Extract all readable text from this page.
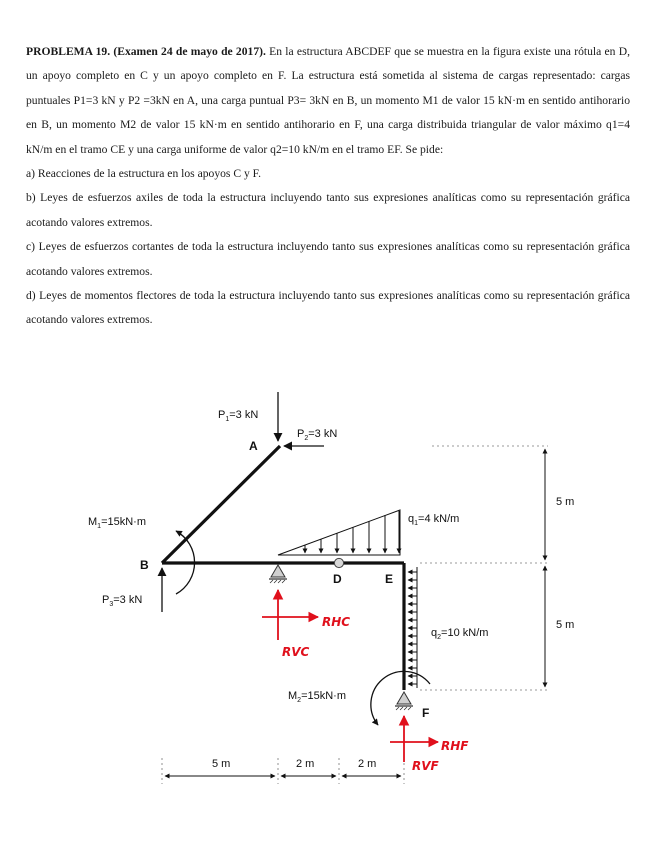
PROBLEMA 19. (Examen 24 de mayo de 2017). En la estructura ABCDEF que se muestra en la figura existe una rótula en D, un apoyo completo en C y un apoyo completo en F. La estructura está sometida al sistema de cargas representado: cargas puntuales P1=3 kN y P2 =3kN en A, una carga puntual P3= 3kN en B, un momento M1 de valor 15 kN·m en sentido antihorario en B, un momento M2 de valor 15 kN·m en sentido antihorario en F, una carga distribuida triangular de valor máximo q1=4 kN/m en el tramo CE y una carga uniforme de valor q2=10 kN/m en el tramo EF. Se pide:

a) Reacciones de la estructura en los apoyos C y F.

b) Leyes de esfuerzos axiles de toda la estructura incluyendo tanto sus expresiones analíticas como su representación gráfica acotando valores extremos.

c) Leyes de esfuerzos cortantes de toda la estructura incluyendo tanto sus expresiones analíticas como su representación gráfica acotando valores extremos.

d) Leyes de momentos flectores de toda la estructura incluyendo tanto sus expresiones analíticas como su representación gráfica acotando valores extremos.

A
B
D	E
F
$P_1=3$ kN
$P_2=3$ kN
$P_3=3$ kN
$M_1=15kN\cdot m$	$q_1=4$ kN/m
$q_2=10$ kN/m
$M_2=15kN\cdot m$
5 m
5 m
5 m	2 m	2 m
RHC
RVC
RHF
RVF
